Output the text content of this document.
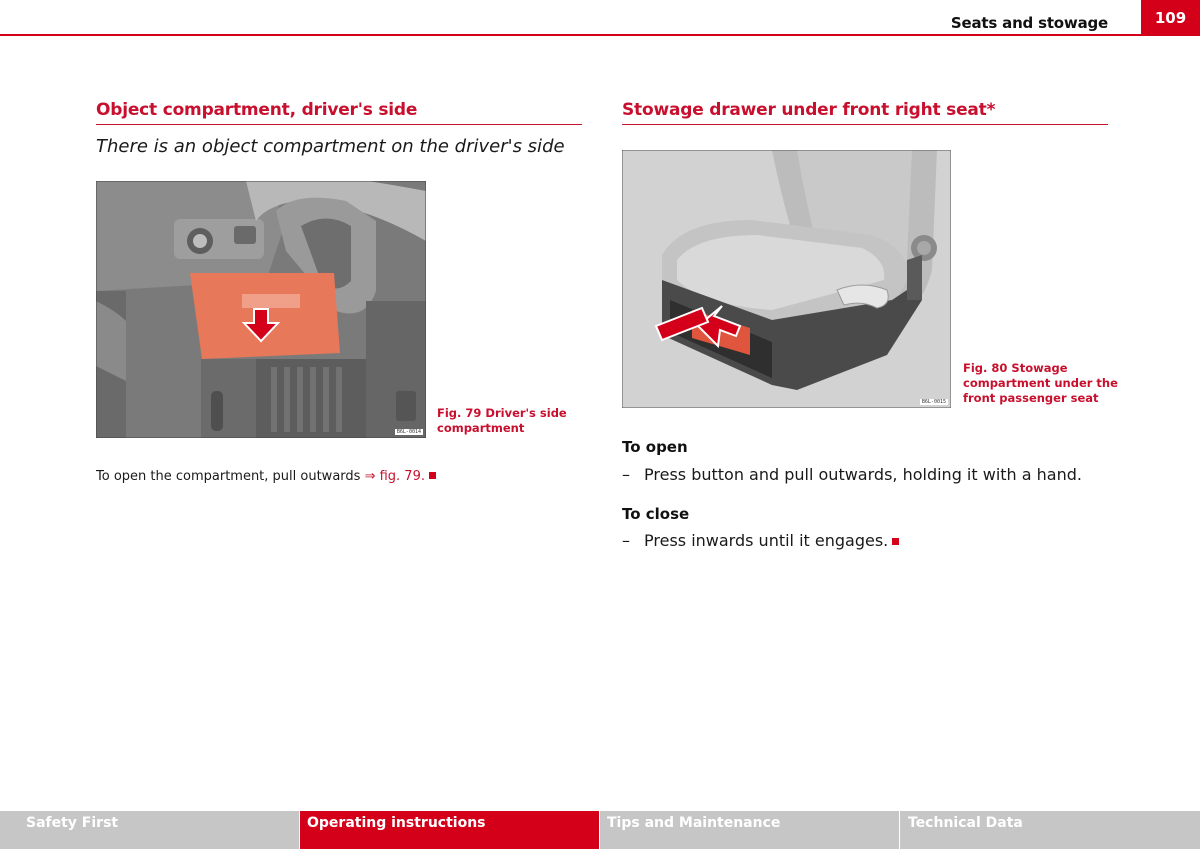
Seats and stowage	109
Object compartment, driver's side
There is an object compartment on the driver's side
B6L-0014
Fig. 79 Driver's side
compartment
To open the compartment, pull outwards ⇒ fig. 79.
Stowage drawer under front right seat*
B6L-0015
Fig. 80 Stowage
compartment under the
front passenger seat
To open
– Press button and pull outwards, holding it with a hand.
To close
– Press inwards until it engages.
Safety First	Operating instructions	Tips and Maintenance	Technical Data
